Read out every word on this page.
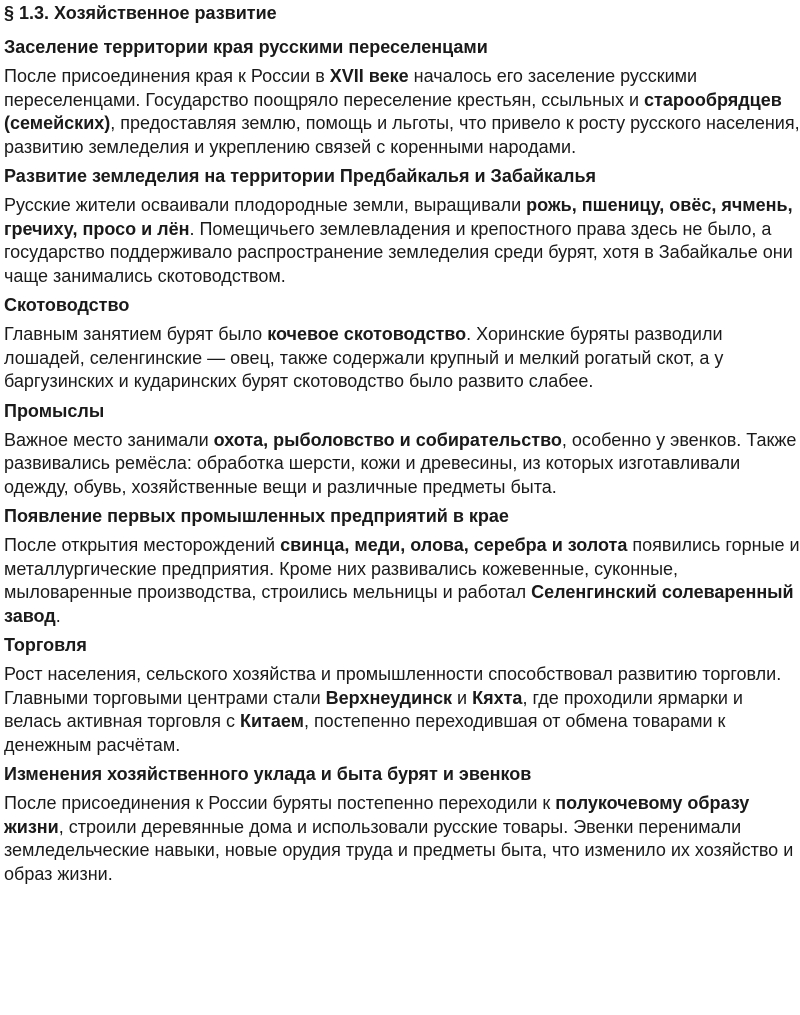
§ 1.3. Хозяйственное развитие
Заселение территории края русскими переселенцами
После присоединения края к России в XVII веке началось его заселение русскими переселенцами. Государство поощряло переселение крестьян, ссыльных и старообрядцев (семейских), предоставляя землю, помощь и льготы, что привело к росту русского населения, развитию земледелия и укреплению связей с коренными народами.
Развитие земледелия на территории Предбайкалья и Забайкалья
Русские жители осваивали плодородные земли, выращивали рожь, пшеницу, овёс, ячмень, гречиху, просо и лён. Помещичьего землевладения и крепостного права здесь не было, а государство поддерживало распространение земледелия среди бурят, хотя в Забайкалье они чаще занимались скотоводством.
Скотоводство
Главным занятием бурят было кочевое скотоводство. Хоринские буряты разводили лошадей, селенгинские — овец, также содержали крупный и мелкий рогатый скот, а у баргузинских и кударинских бурят скотоводство было развито слабее.
Промыслы
Важное место занимали охота, рыболовство и собирательство, особенно у эвенков. Также развивались ремёсла: обработка шерсти, кожи и древесины, из которых изготавливали одежду, обувь, хозяйственные вещи и различные предметы быта.
Появление первых промышленных предприятий в крае
После открытия месторождений свинца, меди, олова, серебра и золота появились горные и металлургические предприятия. Кроме них развивались кожевенные, суконные, мыловаренные производства, строились мельницы и работал Селенгинский солеваренный завод.
Торговля
Рост населения, сельского хозяйства и промышленности способствовал развитию торговли. Главными торговыми центрами стали Верхнеудинск и Кяхта, где проходили ярмарки и велась активная торговля с Китаем, постепенно переходившая от обмена товарами к денежным расчётам.
Изменения хозяйственного уклада и быта бурят и эвенков
После присоединения к России буряты постепенно переходили к полукочевому образу жизни, строили деревянные дома и использовали русские товары. Эвенки перенимали земледельческие навыки, новые орудия труда и предметы быта, что изменило их хозяйство и образ жизни.
